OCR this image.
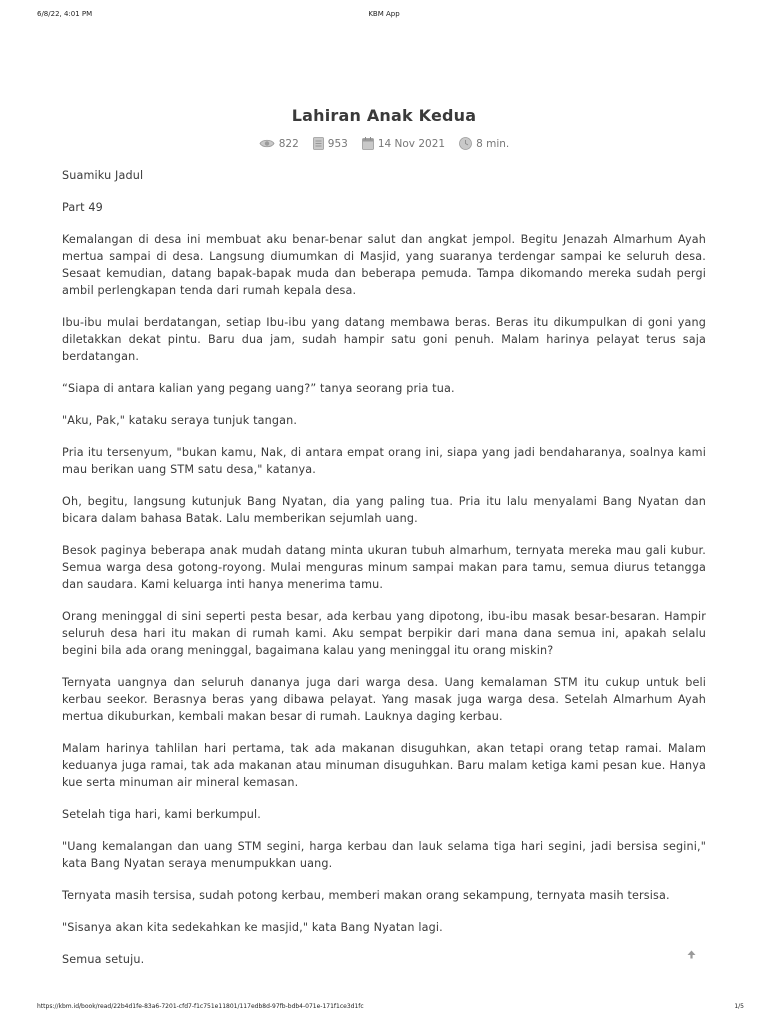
6/8/22, 4:01 PM	KBM App
Lahiran Anak Kedua
822	953	14 Nov 2021	8 min.

Suamiku Jadul

Part 49

Kemalangan di desa ini membuat aku benar-benar salut dan angkat jempol. Begitu Jenazah Almarhum Ayah mertua sampai di desa. Langsung diumumkan di Masjid, yang suaranya terdengar sampai ke seluruh desa. Sesaat kemudian, datang bapak-bapak muda dan beberapa pemuda. Tampa dikomando mereka sudah pergi ambil perlengkapan tenda dari rumah kepala desa.

Ibu-ibu mulai berdatangan, setiap Ibu-ibu yang datang membawa beras. Beras itu dikumpulkan di goni yang diletakkan dekat pintu. Baru dua jam, sudah hampir satu goni penuh. Malam harinya pelayat terus saja berdatangan.

“Siapa di antara kalian yang pegang uang?” tanya seorang pria tua.

"Aku, Pak," kataku seraya tunjuk tangan.

Pria itu tersenyum, "bukan kamu, Nak, di antara empat orang ini, siapa yang jadi bendaharanya, soalnya kami mau berikan uang STM satu desa," katanya.

Oh, begitu, langsung kutunjuk Bang Nyatan, dia yang paling tua. Pria itu lalu menyalami Bang Nyatan dan bicara dalam bahasa Batak. Lalu memberikan sejumlah uang.

Besok paginya beberapa anak mudah datang minta ukuran tubuh almarhum, ternyata mereka mau gali kubur. Semua warga desa gotong-royong. Mulai menguras minum sampai makan para tamu, semua diurus tetangga dan saudara. Kami keluarga inti hanya menerima tamu.

Orang meninggal di sini seperti pesta besar, ada kerbau yang dipotong, ibu-ibu masak besar-besaran. Hampir seluruh desa hari itu makan di rumah kami. Aku sempat berpikir dari mana dana semua ini, apakah selalu begini bila ada orang meninggal, bagaimana kalau yang meninggal itu orang miskin?

Ternyata uangnya dan seluruh dananya juga dari warga desa. Uang kemalaman STM itu cukup untuk beli kerbau seekor. Berasnya beras yang dibawa pelayat. Yang masak juga warga desa. Setelah Almarhum Ayah mertua dikuburkan, kembali makan besar di rumah. Lauknya daging kerbau.

Malam harinya tahlilan hari pertama, tak ada makanan disuguhkan, akan tetapi orang tetap ramai. Malam keduanya juga ramai, tak ada makanan atau minuman disuguhkan. Baru malam ketiga kami pesan kue. Hanya kue serta minuman air mineral kemasan.

Setelah tiga hari, kami berkumpul.

"Uang kemalangan dan uang STM segini, harga kerbau dan lauk selama tiga hari segini, jadi bersisa segini," kata Bang Nyatan seraya menumpukkan uang.

Ternyata masih tersisa, sudah potong kerbau, memberi makan orang sekampung, ternyata masih tersisa.

"Sisanya akan kita sedekahkan ke masjid," kata Bang Nyatan lagi.

Semua setuju.

https://kbm.id/book/read/22b4d1fe-83a6-7201-cfd7-f1c751e11801/117edb8d-97fb-bdb4-071e-171f1ce3d1fc	1/5
